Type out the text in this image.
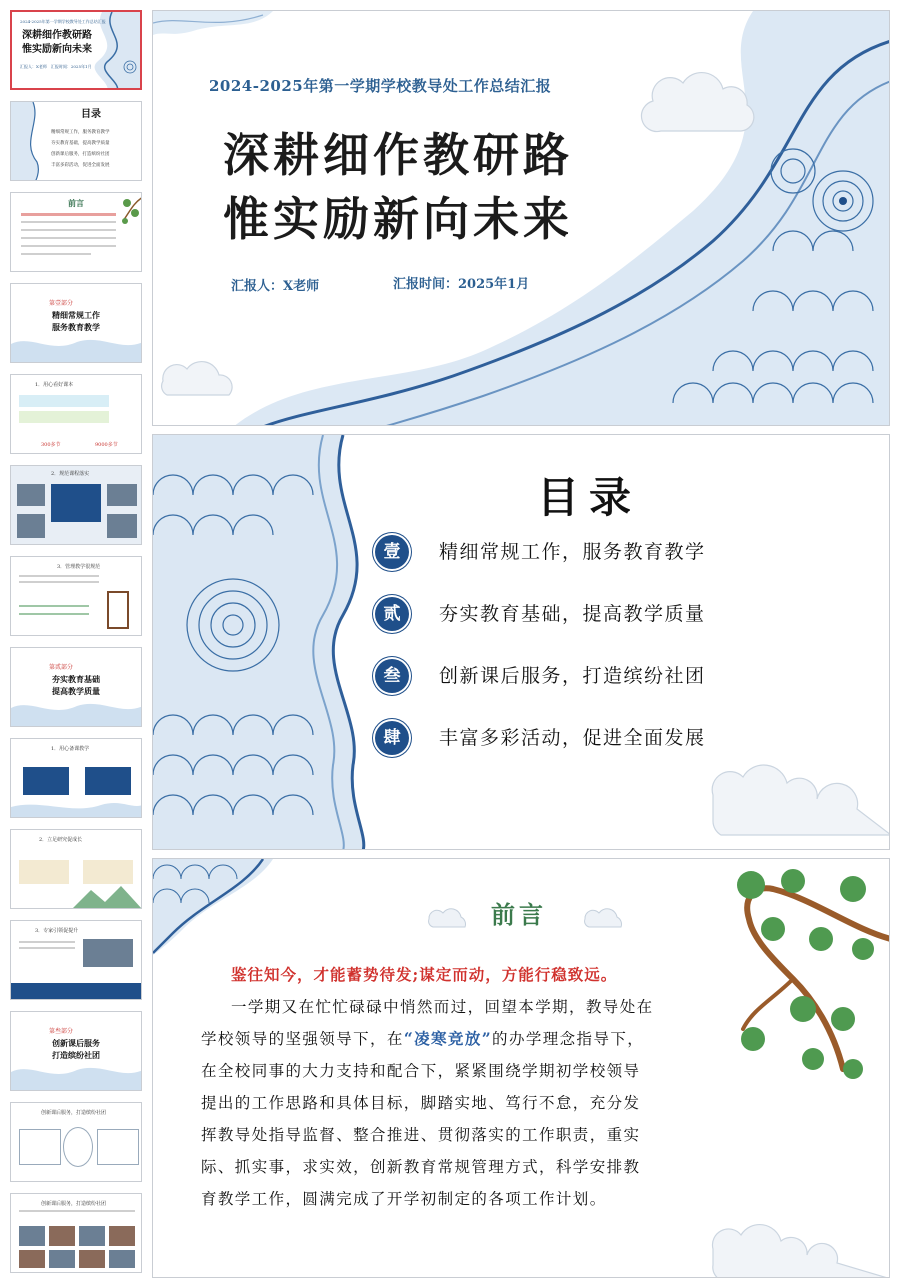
2024-2025年第一学期学校教导处工作总结汇报
深耕细作教研路
惟实励新向未来
汇报人：X老师　汇报时间：2025年1月
目录
精细常规工作，服务教育教学
夯实教育基础，提高教学质量
创新课后服务，打造缤纷社团
丰富多彩活动，促进全面发展
前言
第壹部分
精细常规工作
服务教育教学
1．用心看好课本
300多节	9000多节
2．规范课程落实
3．管理教学很规范
第贰部分
夯实教育基础
提高教学质量
1．用心备课教学
2．立足研究促成长
3．专家引领促提升
第叁部分
创新课后服务
打造缤纷社团
创新课后服务，打造缤纷社团
创新课后服务，打造缤纷社团
2024-2025年第一学期学校教导处工作总结汇报
深耕细作教研路
惟实励新向未来
汇报人：X老师	汇报时间：2025年1月
目录
壹	精细常规工作，服务教育教学
贰	夯实教育基础，提高教学质量
叁	创新课后服务，打造缤纷社团
肆	丰富多彩活动，促进全面发展
前言
鉴往知今，才能蓄势待发;谋定而动，方能行稳致远。
一学期又在忙忙碌碌中悄然而过，回望本学期，教导处在
学校领导的坚强领导下，在“凌寒竞放”的办学理念指导下，
在全校同事的大力支持和配合下，紧紧围绕学期初学校领导
提出的工作思路和具体目标，脚踏实地、笃行不怠，充分发
挥教导处指导监督、整合推进、贯彻落实的工作职责，重实
际、抓实事，求实效，创新教育常规管理方式，科学安排教
育教学工作，圆满完成了开学初制定的各项工作计划。
